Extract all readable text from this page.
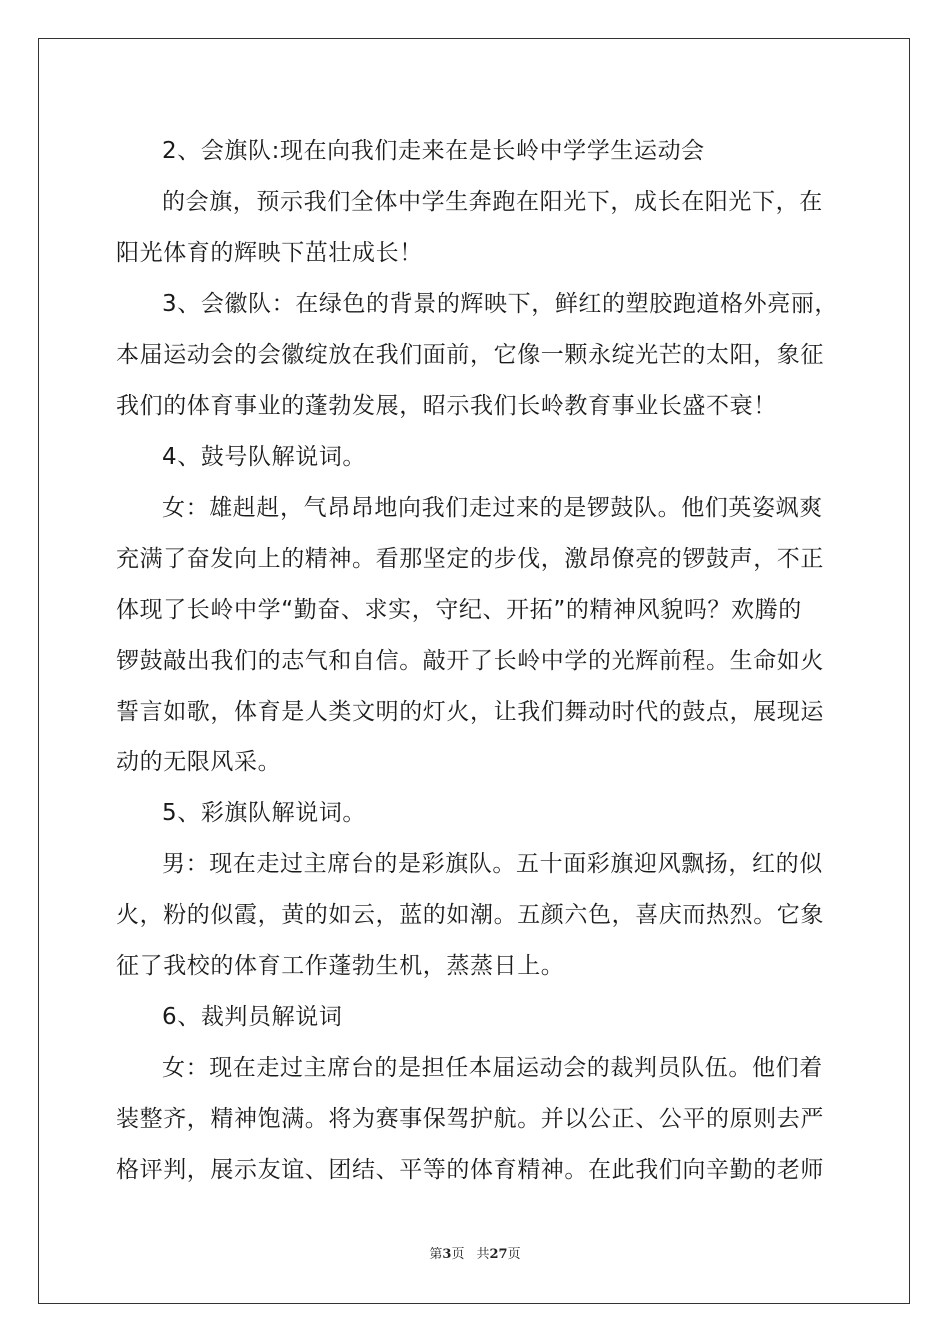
2、会旗队:现在向我们走来在是长岭中学学生运动会
的会旗，预示我们全体中学生奔跑在阳光下，成长在阳光下，在
阳光体育的辉映下茁壮成长！
3、会徽队：在绿色的背景的辉映下，鲜红的塑胶跑道格外亮丽，
本届运动会的会徽绽放在我们面前，它像一颗永绽光芒的太阳，象征
我们的体育事业的蓬勃发展，昭示我们长岭教育事业长盛不衰！
4、鼓号队解说词。
女：雄赳赳，气昂昂地向我们走过来的是锣鼓队。他们英姿飒爽
充满了奋发向上的精神。看那坚定的步伐，激昂僚亮的锣鼓声，不正
体现了长岭中学“勤奋、求实，守纪、开拓”的精神风貌吗？欢腾的
锣鼓敲出我们的志气和自信。敲开了长岭中学的光辉前程。生命如火
誓言如歌，体育是人类文明的灯火，让我们舞动时代的鼓点，展现运
动的无限风采。
5、彩旗队解说词。
男：现在走过主席台的是彩旗队。五十面彩旗迎风飘扬，红的似
火，粉的似霞，黄的如云，蓝的如潮。五颜六色，喜庆而热烈。它象
征了我校的体育工作蓬勃生机，蒸蒸日上。
6、裁判员解说词
女：现在走过主席台的是担任本届运动会的裁判员队伍。他们着
装整齐，精神饱满。将为赛事保驾护航。并以公正、公平的原则去严
格评判，展示友谊、团结、平等的体育精神。在此我们向辛勤的老师
第3页 共27页
